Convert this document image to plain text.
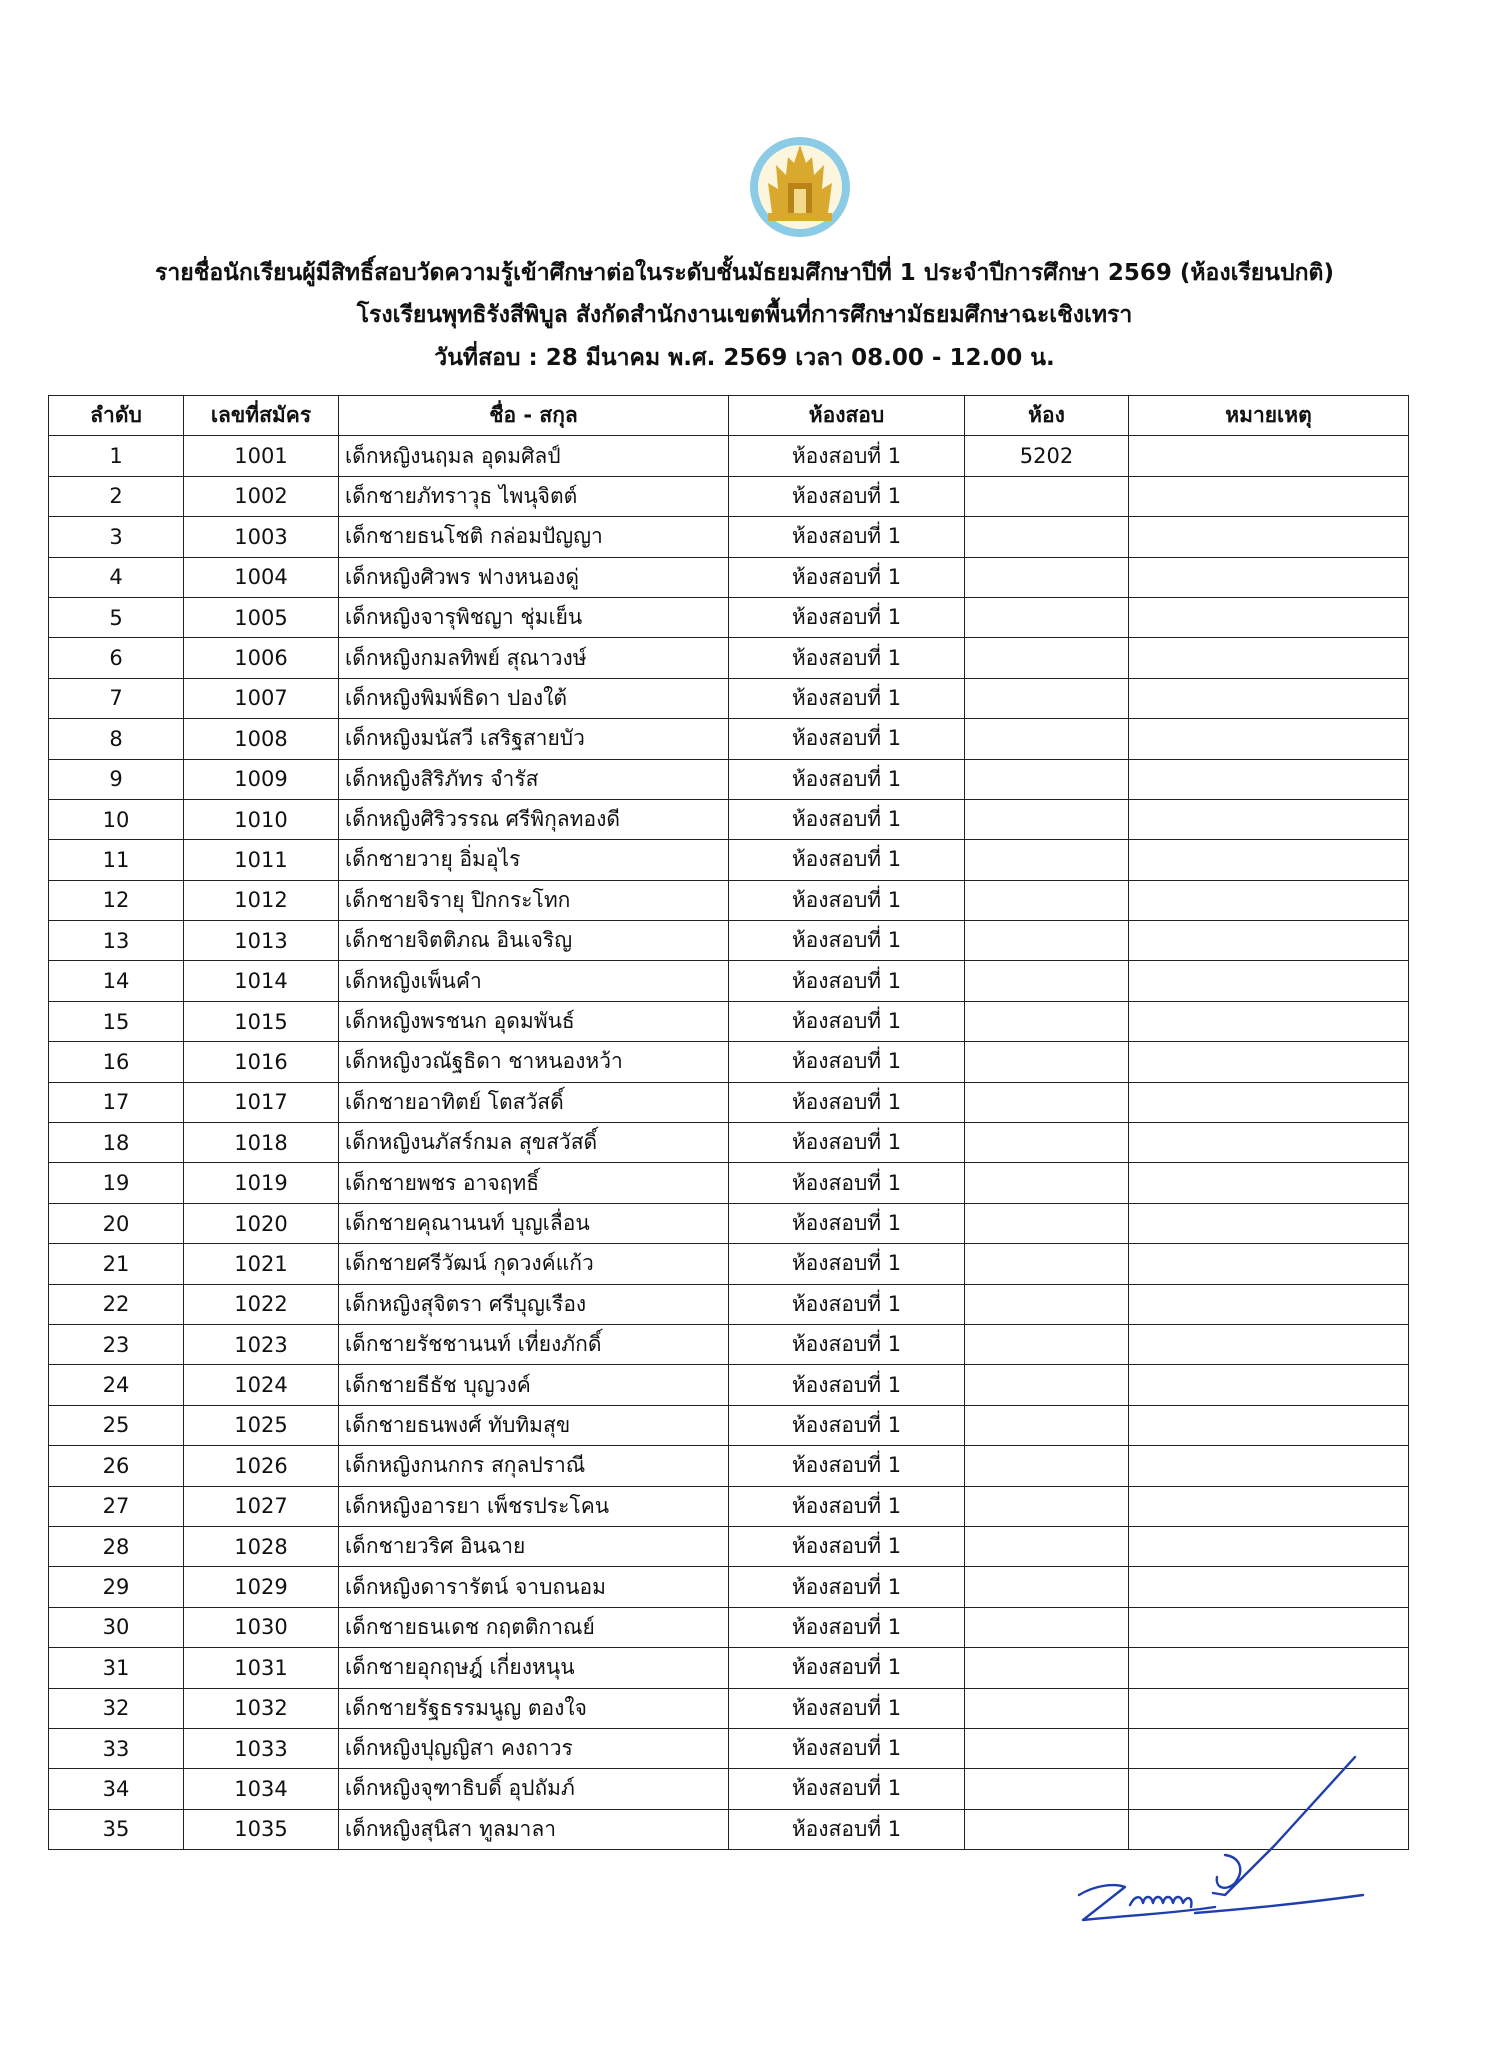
รายชื่อนักเรียนผู้มีสิทธิ์สอบวัดความรู้เข้าศึกษาต่อในระดับชั้นมัธยมศึกษาปีที่ 1 ประจำปีการศึกษา 2569 (ห้องเรียนปกติ)
โรงเรียนพุทธิรังสีพิบูล สังกัดสำนักงานเขตพื้นที่การศึกษามัธยมศึกษาฉะเชิงเทรา
วันที่สอบ : 28 มีนาคม พ.ศ. 2569 เวลา 08.00 - 12.00 น.
ลำดับ	เลขที่สมัคร	ชื่อ - สกุล	ห้องสอบ	ห้อง	หมายเหตุ
1	1001	เด็กหญิงนฤมล อุดมศิลป์	ห้องสอบที่ 1	5202	
2	1002	เด็กชายภัทราวุธ ไพนุจิตต์	ห้องสอบที่ 1		
3	1003	เด็กชายธนโชติ กล่อมปัญญา	ห้องสอบที่ 1		
4	1004	เด็กหญิงศิวพร ฟางหนองดู่	ห้องสอบที่ 1		
5	1005	เด็กหญิงจารุพิชญา ชุ่มเย็น	ห้องสอบที่ 1		
6	1006	เด็กหญิงกมลทิพย์ สุณาวงษ์	ห้องสอบที่ 1		
7	1007	เด็กหญิงพิมพ์ธิดา ปองใต้	ห้องสอบที่ 1		
8	1008	เด็กหญิงมนัสวี เสริฐสายบัว	ห้องสอบที่ 1		
9	1009	เด็กหญิงสิริภัทร จำรัส	ห้องสอบที่ 1		
10	1010	เด็กหญิงศิริวรรณ ศรีพิกุลทองดี	ห้องสอบที่ 1		
11	1011	เด็กชายวายุ อิ่มอุไร	ห้องสอบที่ 1		
12	1012	เด็กชายจิรายุ ปิกกระโทก	ห้องสอบที่ 1		
13	1013	เด็กชายจิตติภณ อินเจริญ	ห้องสอบที่ 1		
14	1014	เด็กหญิงเพ็นคำ	ห้องสอบที่ 1		
15	1015	เด็กหญิงพรชนก อุดมพันธ์	ห้องสอบที่ 1		
16	1016	เด็กหญิงวณัฐธิดา ชาหนองหว้า	ห้องสอบที่ 1		
17	1017	เด็กชายอาทิตย์ โตสวัสดิ์	ห้องสอบที่ 1		
18	1018	เด็กหญิงนภัสร์กมล สุขสวัสดิ์	ห้องสอบที่ 1		
19	1019	เด็กชายพชร อาจฤทธิ์	ห้องสอบที่ 1		
20	1020	เด็กชายคุณานนท์ บุญเลื่อน	ห้องสอบที่ 1		
21	1021	เด็กชายศรีวัฒน์ กุดวงค์แก้ว	ห้องสอบที่ 1		
22	1022	เด็กหญิงสุจิตรา ศรีบุญเรือง	ห้องสอบที่ 1		
23	1023	เด็กชายรัชชานนท์ เที่ยงภักดิ์	ห้องสอบที่ 1		
24	1024	เด็กชายธีธัช บุญวงค์	ห้องสอบที่ 1		
25	1025	เด็กชายธนพงศ์ ทับทิมสุข	ห้องสอบที่ 1		
26	1026	เด็กหญิงกนกกร สกุลปราณี	ห้องสอบที่ 1		
27	1027	เด็กหญิงอารยา เพ็ชรประโคน	ห้องสอบที่ 1		
28	1028	เด็กชายวริศ อินฉาย	ห้องสอบที่ 1		
29	1029	เด็กหญิงดารารัตน์ จาบถนอม	ห้องสอบที่ 1		
30	1030	เด็กชายธนเดช กฤตติกาณย์	ห้องสอบที่ 1		
31	1031	เด็กชายอุกฤษฎ์ เกี่ยงหนุน	ห้องสอบที่ 1		
32	1032	เด็กชายรัฐธรรมนูญ ตองใจ	ห้องสอบที่ 1		
33	1033	เด็กหญิงปุญญิสา คงถาวร	ห้องสอบที่ 1		
34	1034	เด็กหญิงจุฑาธิบดิ์ อุปถัมภ์	ห้องสอบที่ 1		
35	1035	เด็กหญิงสุนิสา ทูลมาลา	ห้องสอบที่ 1		
